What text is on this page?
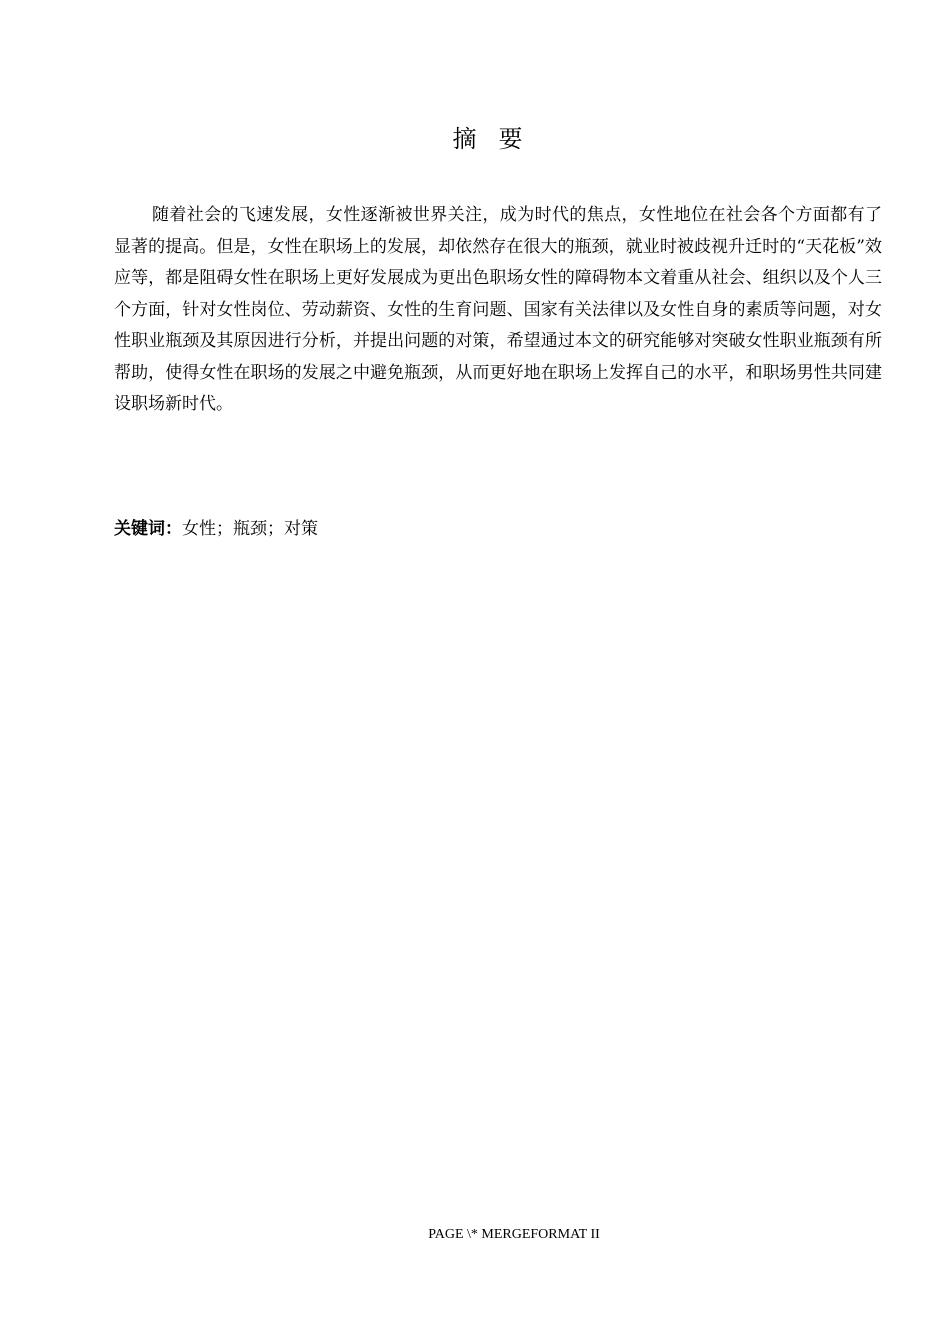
摘要

随着社会的飞速发展，女性逐渐被世界关注，成为时代的焦点，女性地位在社会各个方面都有了显著的提高。但是，女性在职场上的发展，却依然存在很大的瓶颈，就业时被歧视升迁时的“天花板”效应等，都是阻碍女性在职场上更好发展成为更出色职场女性的障碍物本文着重从社会、组织以及个人三个方面，针对女性岗位、劳动薪资、女性的生育问题、国家有关法律以及女性自身的素质等问题，对女性职业瓶颈及其原因进行分析，并提出问题的对策，希望通过本文的研究能够对突破女性职业瓶颈有所帮助，使得女性在职场的发展之中避免瓶颈，从而更好地在职场上发挥自己的水平，和职场男性共同建设职场新时代。

关键词：女性；瓶颈；对策
PAGE \* MERGEFORMAT II
